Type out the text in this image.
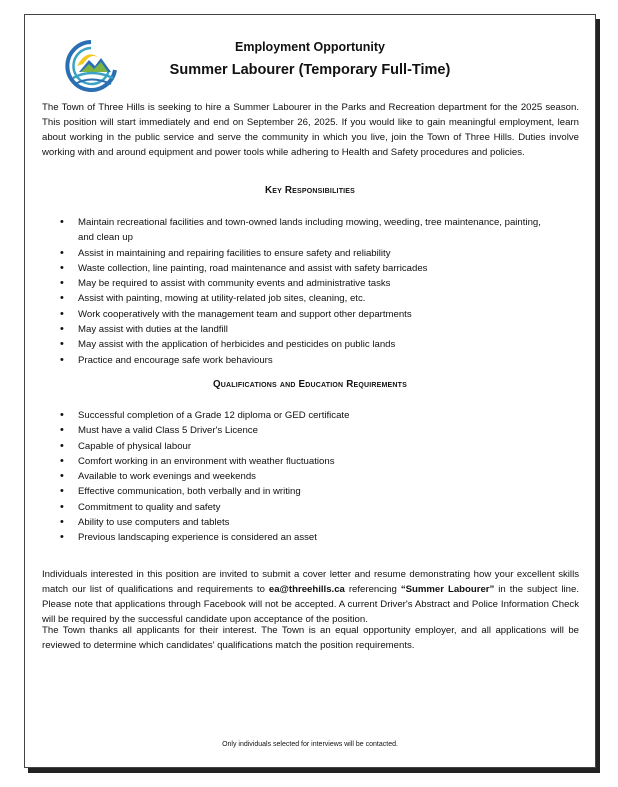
Employment Opportunity
Summer Labourer (Temporary Full-Time)

The Town of Three Hills is seeking to hire a Summer Labourer in the Parks and Recreation department for the 2025 season. This position will start immediately and end on September 26, 2025. If you would like to gain meaningful employment, learn about working in the public service and serve the community in which you live, join the Town of Three Hills. Duties involve working with and around equipment and power tools while adhering to Health and Safety procedures and policies.

Key Responsibilities
• Maintain recreational facilities and town-owned lands including mowing, weeding, tree maintenance, painting, and clean up
• Assist in maintaining and repairing facilities to ensure safety and reliability
• Waste collection, line painting, road maintenance and assist with safety barricades
• May be required to assist with community events and administrative tasks
• Assist with painting, mowing at utility-related job sites, cleaning, etc.
• Work cooperatively with the management team and support other departments
• May assist with duties at the landfill
• May assist with the application of herbicides and pesticides on public lands
• Practice and encourage safe work behaviours
Qualifications and Education Requirements
• Successful completion of a Grade 12 diploma or GED certificate
• Must have a valid Class 5 Driver's Licence
• Capable of physical labour
• Comfort working in an environment with weather fluctuations
• Available to work evenings and weekends
• Effective communication, both verbally and in writing
• Commitment to quality and safety
• Ability to use computers and tablets
• Previous landscaping experience is considered an asset

Individuals interested in this position are invited to submit a cover letter and resume demonstrating how your excellent skills match our list of qualifications and requirements to ea@threehills.ca referencing “Summer Labourer” in the subject line. Please note that applications through Facebook will not be accepted. A current Driver's Abstract and Police Information Check will be required by the successful candidate upon acceptance of the position.

The Town thanks all applicants for their interest. The Town is an equal opportunity employer, and all applications will be reviewed to determine which candidates' qualifications match the position requirements.

Only individuals selected for interviews will be contacted.
